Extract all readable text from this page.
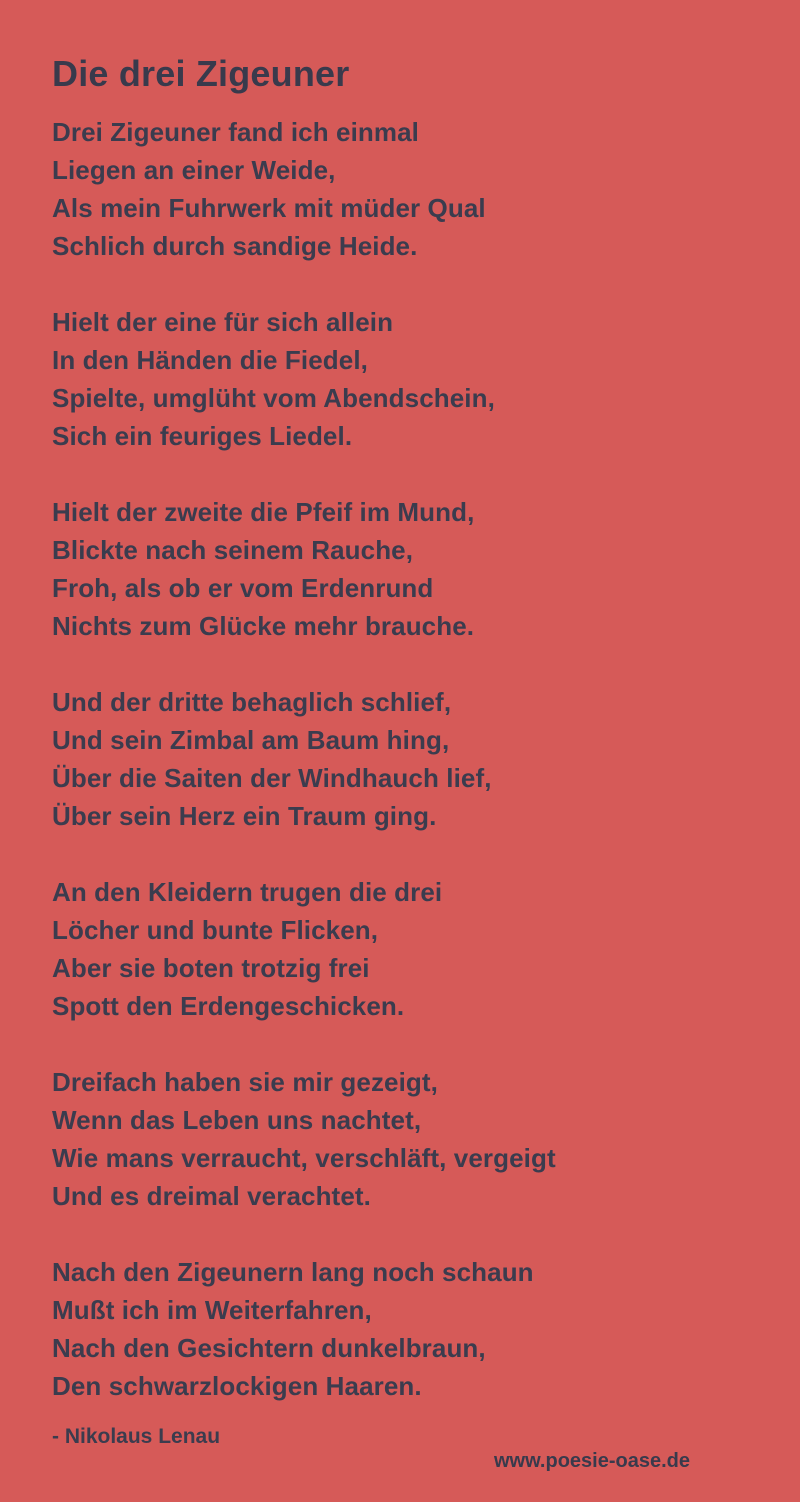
Die drei Zigeuner
Drei Zigeuner fand ich einmal
Liegen an einer Weide,
Als mein Fuhrwerk mit müder Qual
Schlich durch sandige Heide.
Hielt der eine für sich allein
In den Händen die Fiedel,
Spielte, umglüht vom Abendschein,
Sich ein feuriges Liedel.
Hielt der zweite die Pfeif im Mund,
Blickte nach seinem Rauche,
Froh, als ob er vom Erdenrund
Nichts zum Glücke mehr brauche.
Und der dritte behaglich schlief,
Und sein Zimbal am Baum hing,
Über die Saiten der Windhauch lief,
Über sein Herz ein Traum ging.
An den Kleidern trugen die drei
Löcher und bunte Flicken,
Aber sie boten trotzig frei
Spott den Erdengeschicken.
Dreifach haben sie mir gezeigt,
Wenn das Leben uns nachtet,
Wie mans verraucht, verschläft, vergeigt
Und es dreimal verachtet.
Nach den Zigeunern lang noch schaun
Mußt ich im Weiterfahren,
Nach den Gesichtern dunkelbraun,
Den schwarzlockigen Haaren.
- Nikolaus Lenau
www.poesie-oase.de
